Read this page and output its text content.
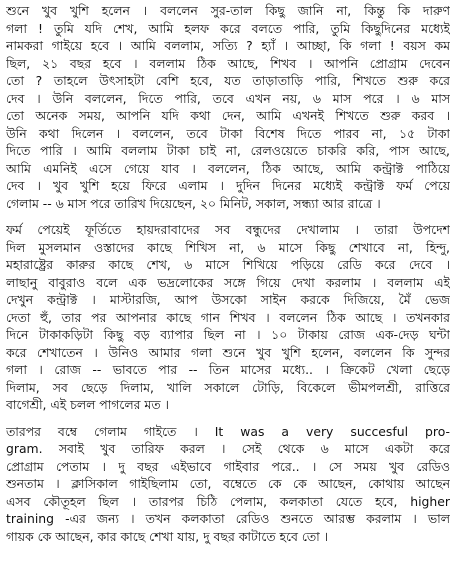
শুনে খুব খুশি হলেন । বললেন সুর-তাল কিছু জানি না, কিন্তু কি দারুণ
গলা ! তুমি যদি শেখ, আমি হলফ করে বলতে পারি, তুমি কিছুদিনের মধ্যেই
নামকরা গাইয়ে হবে । আমি বললাম, সত্যি ? হ্যাঁ । আচ্ছা, কি গলা ! বয়স কম
ছিল, ২১ বছর হবে । বললাম ঠিক আছে, শিখব । আপনি প্রোগ্রাম দেবেন
তো ? তাহলে উৎসাহটা বেশি হবে, যত তাড়াতাড়ি পারি, শিখতে শুরু করে
দেব । উনি বললেন, দিতে পারি, তবে এখন নয়, ৬ মাস পরে । ৬ মাস
তো অনেক সময়, আপনি যদি কথা দেন, আমি এখনই শিখতে শুরু করব ।
উনি কথা দিলেন । বললেন, তবে টাকা বিশেষ দিতে পারব না, ১৫ টাকা
দিতে পারি । আমি বললাম টাকা চাই না, রেলওয়েতে চাকরি করি, পাস আছে,
আমি এমনিই এসে গেয়ে যাব । বললেন, ঠিক আছে, আমি কন্ট্রাক্ট পাঠিয়ে
দেব । খুব খুশি হয়ে ফিরে এলাম । দুদিন দিনের মধ্যেই কন্ট্রাক্ট ফর্ম পেয়ে
গেলাম -- ৬ মাস পরে তারিখ দিয়েছেন, ২০ মিনিট, সকাল, সন্ধ্যা আর রাত্রে ।
ফর্ম পেয়েই ফূর্তিতে হায়দরাবাদের সব বন্ধুদের দেখালাম । তারা উপদেশ
দিল মুসলমান ওস্তাদের কাছে শিখিস না, ৬ মাসে কিছু শেখাবে না, হিন্দু,
মহারাষ্ট্রের কারুর কাছে শেখ, ৬ মাসে শিখিয়ে পড়িয়ে রেডি করে দেবে ।
লাছানু বাবুরাও বলে এক ভদ্রলোকের সঙ্গে গিয়ে দেখা করলাম । বললাম এই
দেখুন কন্ট্রাক্ট । মাস্টারজি, আপ উসকো সাইন করকে দিজিয়ে, মৈঁ ভেজ
দেতা হুঁ, তার পর আপনার কাছে গান শিখব । বললেন ঠিক আছে । তখনকার
দিনে টাকাকড়িটা কিছু বড় ব্যাপার ছিল না । ১০ টাকায় রোজ এক-দেড় ঘন্টা
করে শেখাতেন । উনিও আমার গলা শুনে খুব খুশি হলেন, বললেন কি সুন্দর
গলা । রোজ -- ভাবতে পার -- তিন মাসের মধ্যে.. । ক্রিকেট খেলা ছেড়ে
দিলাম, সব ছেড়ে দিলাম, খালি সকালে টোড়ি, বিকেলে ভীমপলশ্রী, রাত্তিরে
বাগেশ্রী, এই চলল পাগলের মত ।
তারপর বম্বে গেলাম গাইতে । It was a very succesful pro-
gram. সবাই খুব তারিফ করল । সেই থেকে ৬ মাসে একটা করে
প্রোগ্রাম পেতাম । দু বছর এইভাবে গাইবার পরে.. । সে সময় খুব রেডিও
শুনতাম । ক্লাসিকাল গাইছিলাম তো, বম্বেতে কে কে আছেন, কোথায় আছেন
এসব কৌতূহল ছিল । তারপর চিঠি পেলাম, কলকাতা যেতে হবে, higher
training -এর জন্য । তখন কলকাতা রেডিও শুনতে আরম্ভ করলাম । ভাল
গায়ক কে আছেন, কার কাছে শেখা যায়, দু বছর কাটাতে হবে তো ।
